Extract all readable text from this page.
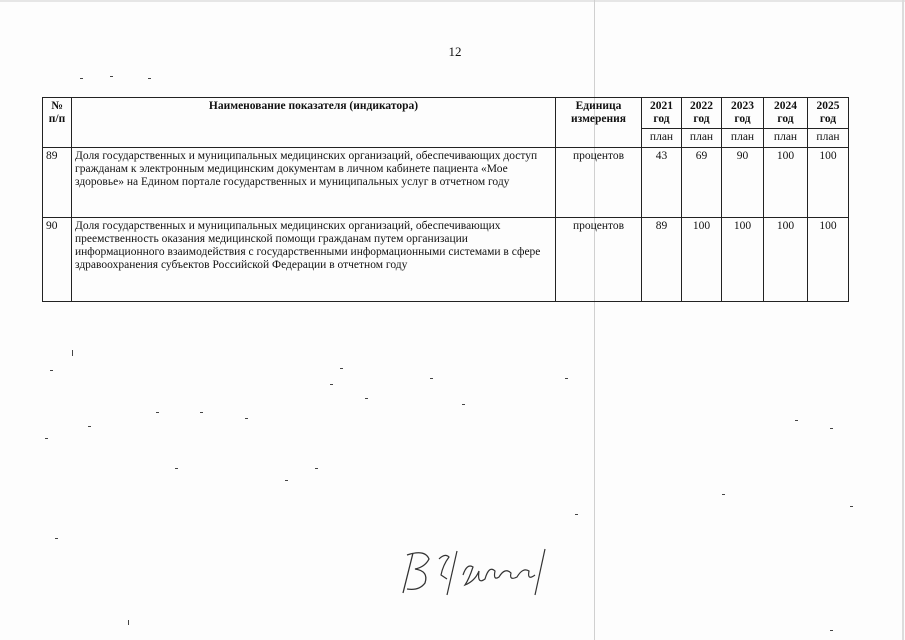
12
№ п/п	Наименование показателя (индикатора)	Единица измерения	2021 год	2022 год	2023 год	2024 год	2025 год
			план	план	план	план	план
89	Доля государственных и муниципальных медицинских организаций, обеспечивающих доступ гражданам к электронным медицинским документам в личном кабинете пациента «Мое здоровье» на Едином портале государственных и муниципальных услуг в отчетном году	процентов	43	69	90	100	100
90	Доля государственных и муниципальных медицинских организаций, обеспечивающих преемственность оказания медицинской помощи гражданам путем организации информационного взаимодействия с государственными информационными системами в сфере здравоохранения субъектов Российской Федерации в отчетном году	процентов	89	100	100	100	100
